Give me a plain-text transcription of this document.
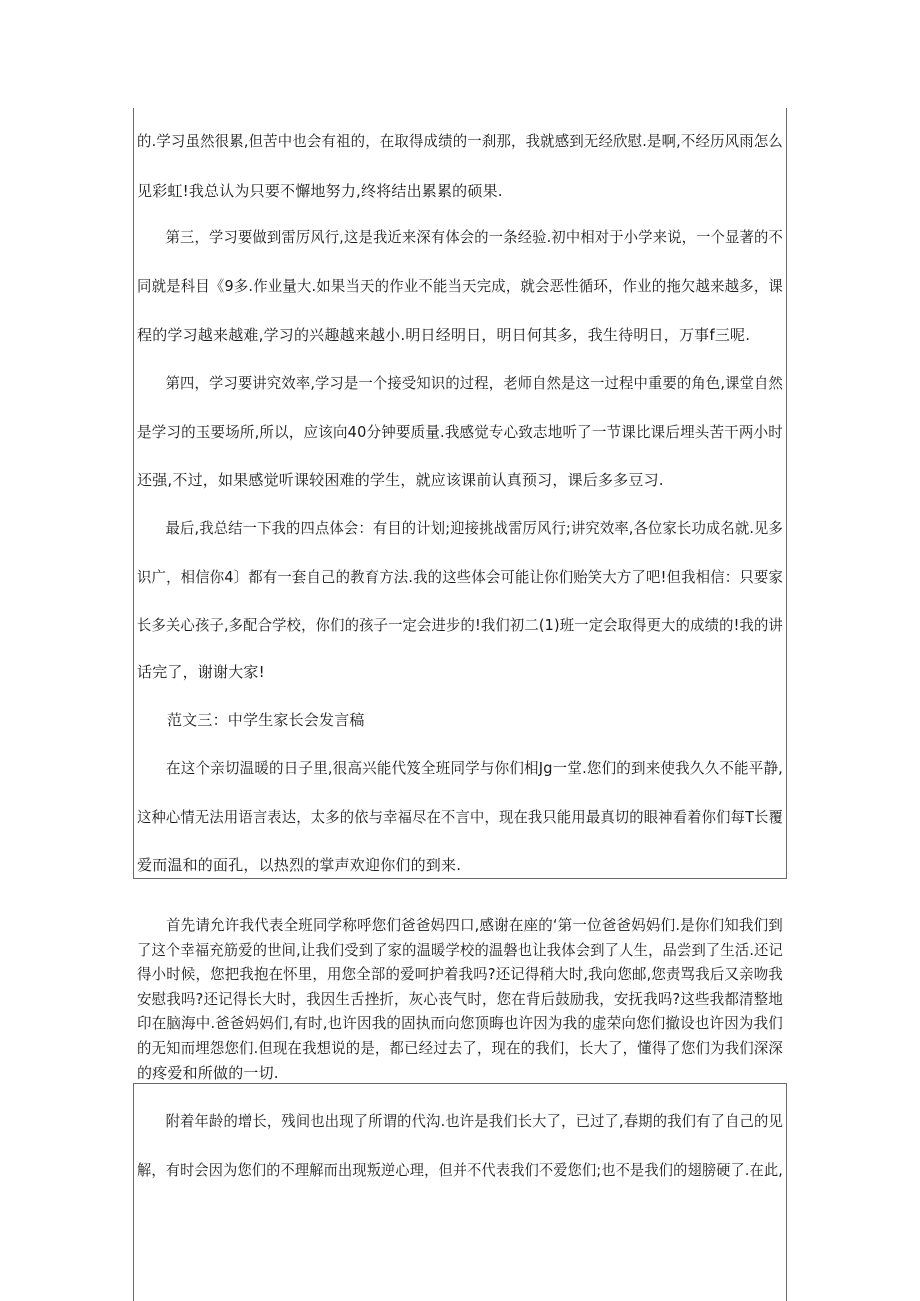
的.学习虽然很累,但苦中也会有祖的，在取得成绩的一刹那，我就感到无经欣慰.是啊,不经历风雨怎么

见彩虹!我总认为只要不懈地努力,终将结出累累的硕果.

第三，学习要做到雷厉风行,这是我近来深有体会的一条经验.初中相对于小学来说，一个显著的不

同就是科目《9多.作业量大.如果当天的作业不能当天完成，就会恶性循环，作业的拖欠越来越多，课

程的学习越来越难,学习的兴趣越来越小.明日经明日，明日何其多，我生待明日，万事f三呢.

第四，学习要讲究效率,学习是一个接受知识的过程，老师自然是这一过程中重要的角色,课堂自然

是学习的玉要场所,所以，应该向40分钟要质量.我感觉专心致志地听了一节课比课后埋头苦干两小时

还强,不过，如果感觉听课较困难的学生，就应该课前认真预习，课后多多豆习.

最后,我总结一下我的四点体会：有目的计划;迎接挑战雷厉风行;讲究效率,各位家长功成名就.见多

识广，相信你4〕都有一套自己的教育方法.我的这些体会可能让你们贻笑大方了吧!但我相信：只要家

长多关心孩子,多配合学校，你们的孩子一定会进步的!我们初二(1)班一定会取得更大的成绩的!我的讲

话完了，谢谢大家!

范文三：中学生家长会发言稿

在这个亲切温暖的日子里,很高兴能代笈全班同学与你们相Jg一堂.您们的到来使我久久不能平静,

这种心情无法用语言表达，太多的依与幸福尽在不言中，现在我只能用最真切的眼神看着你们每T长覆

爱而温和的面孔，以热烈的掌声欢迎你们的到来.

首先请允许我代表全班同学称呼您们爸爸妈四口,感谢在座的‘第一位爸爸妈妈们.是你们知我们到

了这个幸福充筋爱的世间,让我们受到了家的温暖学校的温磐也让我体会到了人生，品尝到了生活.还记

得小时候，您把我抱在怀里，用您全部的爱呵护着我吗?还记得稍大时,我向您邮,您责骂我后又亲吻我

安慰我吗?还记得长大时，我因生舌挫折，灰心丧气时，您在背后鼓励我，安抚我吗?这些我都清整地

印在脑海中.爸爸妈妈们,有时,也许因我的固执而向您顶晦也许因为我的虚荣向您们撤设也许因为我们

的无知而埋怨您们.但现在我想说的是，都已经过去了，现在的我们，长大了，懂得了您们为我们深深

的疼爱和所做的一切.

附着年龄的增长，残间也出现了所谓的代沟.也许是我们长大了，已过了,春期的我们有了自己的见

解，有时会因为您们的不理解而出现叛逆心理，但并不代表我们不爱您们;也不是我们的翅膀硬了.在此,
